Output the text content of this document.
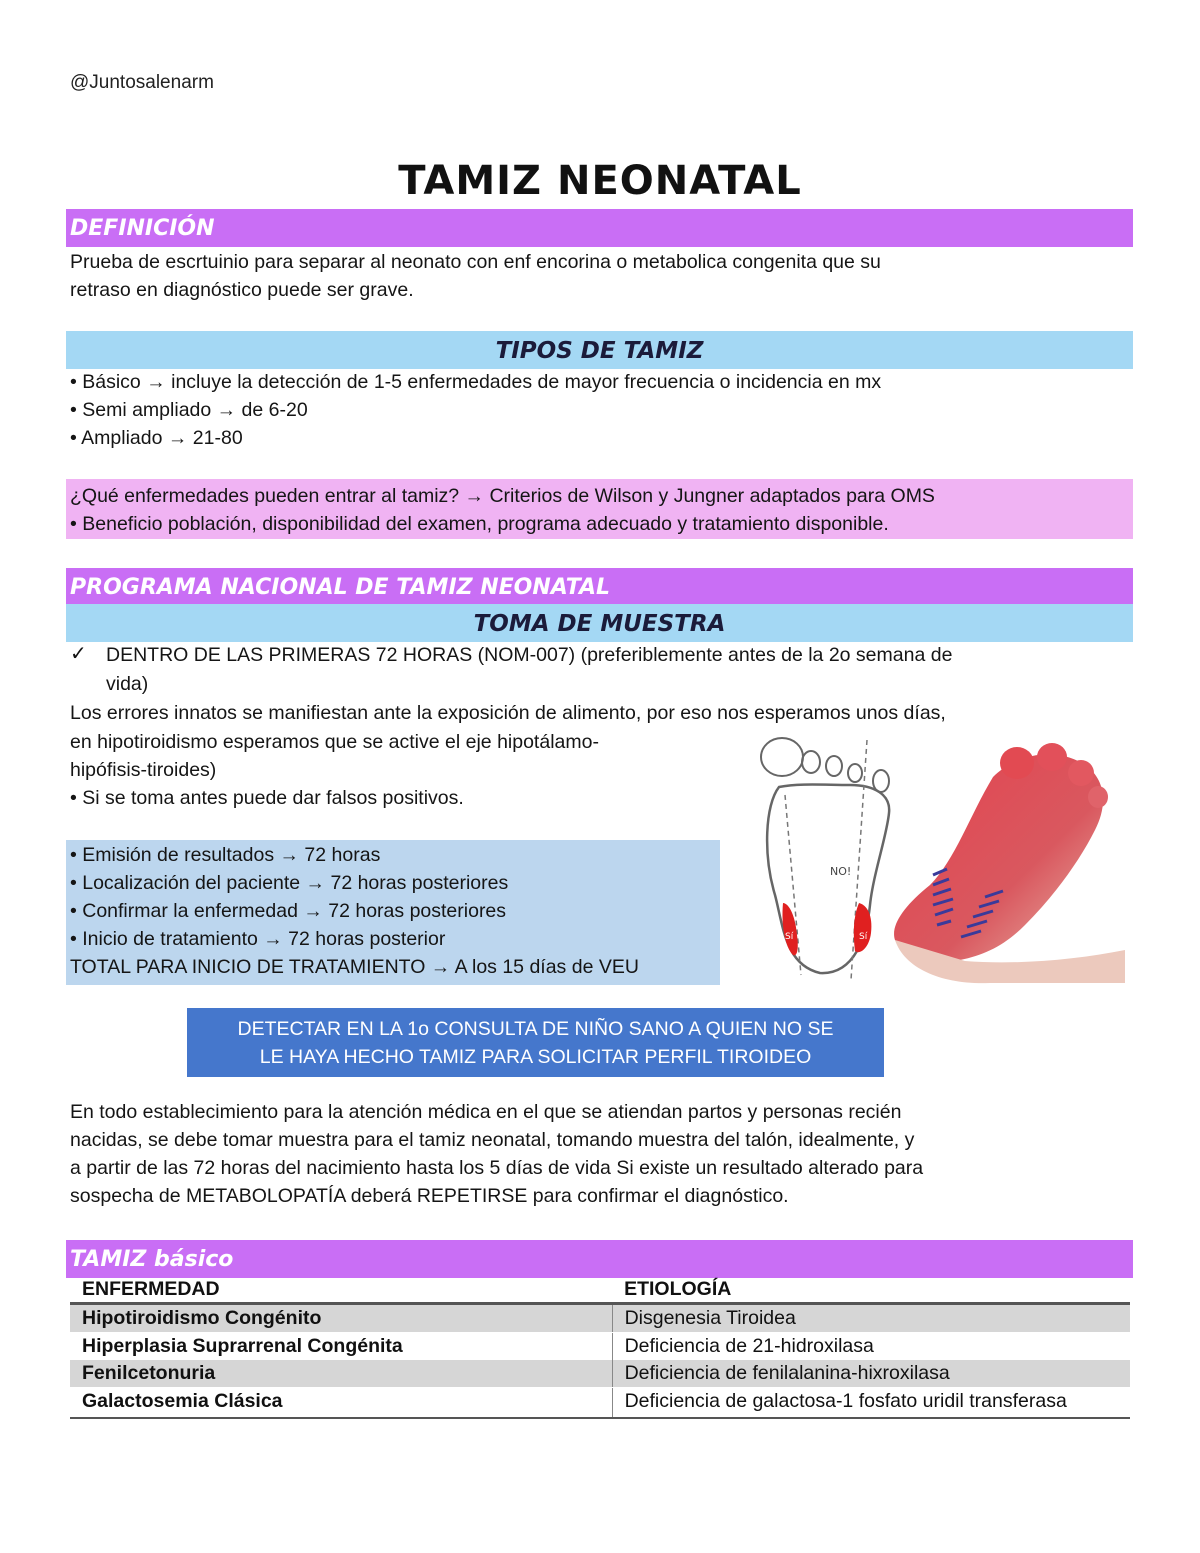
@Juntosalenarm
TAMIZ NEONATAL
DEFINICIÓN
Prueba de escrtuinio para separar al neonato con enf encorina o metabolica congenita que su
retraso en diagnóstico puede ser grave.
TIPOS DE TAMIZ
• Básico → incluye la detección de 1-5 enfermedades de mayor frecuencia o incidencia en mx
• Semi ampliado → de 6-20
• Ampliado → 21-80
¿Qué enfermedades pueden entrar al tamiz? → Criterios de Wilson y Jungner adaptados para OMS
• Beneficio población, disponibilidad del examen, programa adecuado y tratamiento disponible.
PROGRAMA NACIONAL DE TAMIZ NEONATAL
TOMA DE MUESTRA
✓ DENTRO DE LAS PRIMERAS 72 HORAS (NOM-007) (preferiblemente antes de la 2o semana de
vida)
Los errores innatos se manifiestan ante la exposición de alimento, por eso nos esperamos unos días,
en hipotiroidismo esperamos que se active el eje hipotálamo-
hipófisis-tiroides)
• Si se toma antes puede dar falsos positivos.
• Emisión de resultados → 72 horas
• Localización del paciente → 72 horas posteriores
• Confirmar la enfermedad → 72 horas posteriores
• Inicio de tratamiento → 72 horas posterior
TOTAL PARA INICIO DE TRATAMIENTO → A los 15 días de VEU
NO!
Sí	Sí
DETECTAR EN LA 1o CONSULTA DE NIÑO SANO A QUIEN NO SE
LE HAYA HECHO TAMIZ PARA SOLICITAR PERFIL TIROIDEO
En todo establecimiento para la atención médica en el que se atiendan partos y personas recién
nacidas, se debe tomar muestra para el tamiz neonatal, tomando muestra del talón, idealmente, y
a partir de las 72 horas del nacimiento hasta los 5 días de vida Si existe un resultado alterado para
sospecha de METABOLOPATÍA deberá REPETIRSE para confirmar el diagnóstico.
TAMIZ básico
ENFERMEDAD	ETIOLOGÍA
Hipotiroidismo Congénito	Disgenesia Tiroidea
Hiperplasia Suprarrenal Congénita	Deficiencia de 21-hidroxilasa
Fenilcetonuria	Deficiencia de fenilalanina-hixroxilasa
Galactosemia Clásica	Deficiencia de galactosa-1 fosfato uridil transferasa
